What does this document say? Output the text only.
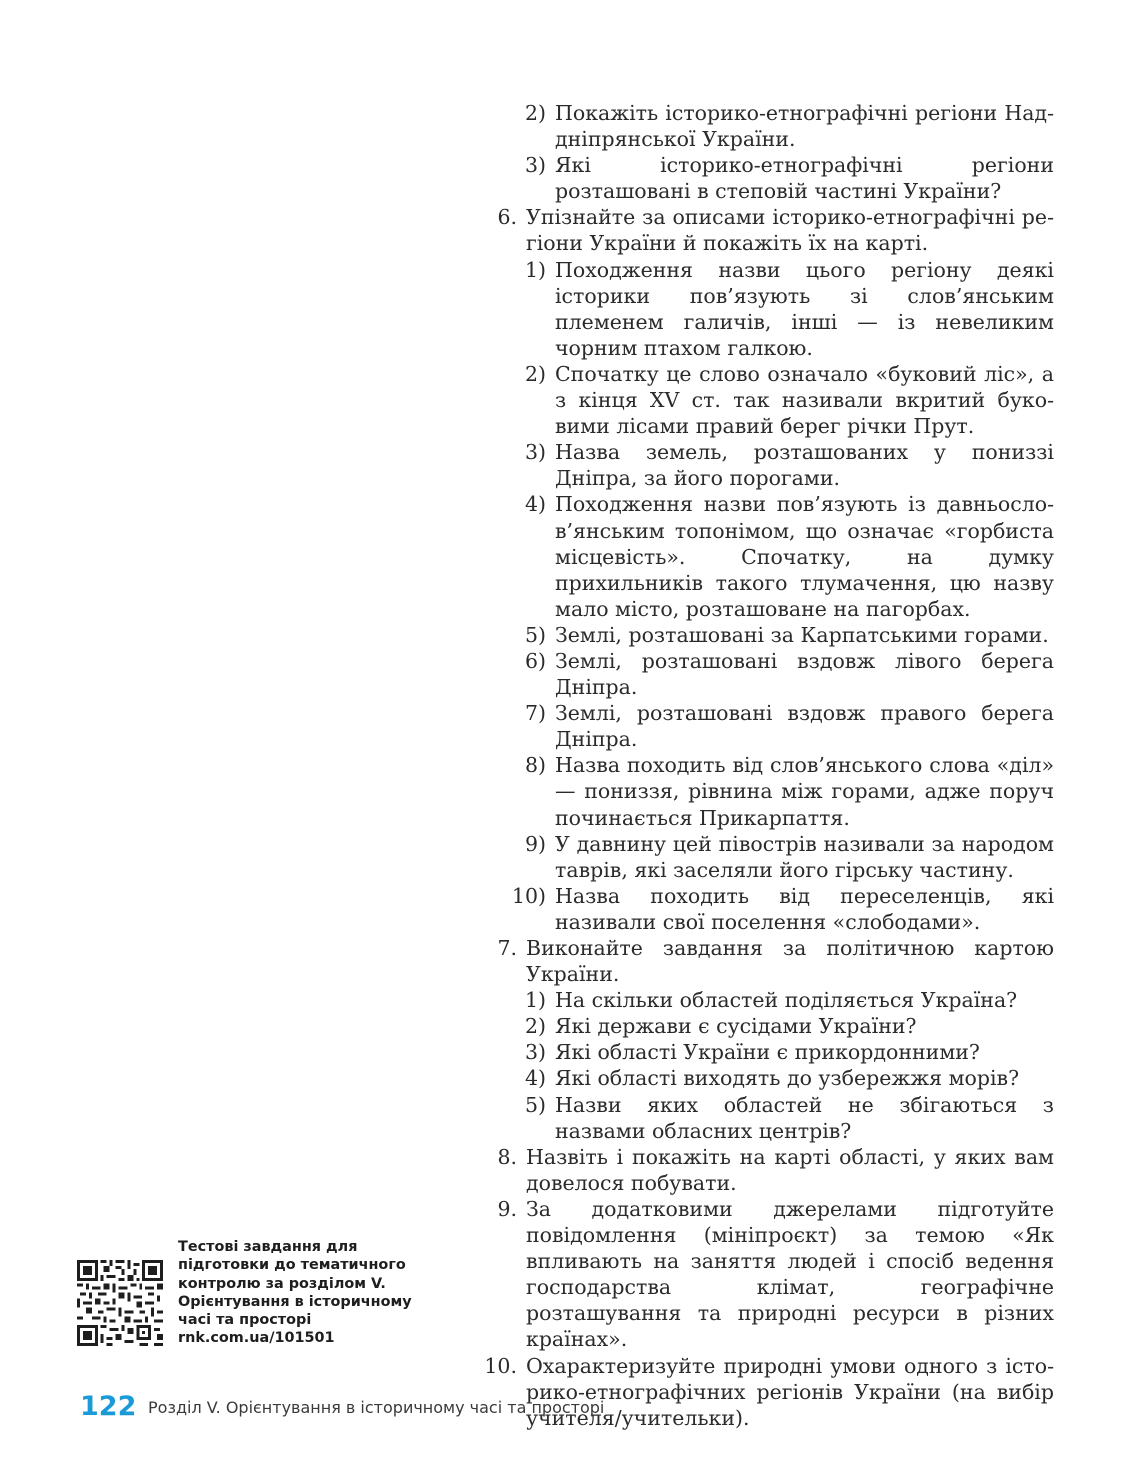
2) Покажіть історико-етнографічні регіони Наддніпрянської України.
3) Які історико-етнографічні регіони розташовані в степовій частині України?
6. Упізнайте за описами історико-етнографічні регіони України й покажіть їх на карті.
1) Походження назви цього регіону деякі історики пов’язують зі слов’янським племенем галичів, інші — із невеликим чорним птахом галкою.
2) Спочатку це слово означало «буковий ліс», а з кінця XV ст. так називали вкритий буковими лісами правий берег річки Прут.
3) Назва земель, розташованих у пониззі Дніпра, за його порогами.
4) Походження назви пов’язують із давньослов’янським топонімом, що означає «горбиста місцевість». Спочатку, на думку прихильників такого тлумачення, цю назву мало місто, розташоване на пагорбах.
5) Землі, розташовані за Карпатськими горами.
6) Землі, розташовані вздовж лівого берега Дніпра.
7) Землі, розташовані вздовж правого берега Дніпра.
8) Назва походить від слов’янського слова «діл» — пониззя, рівнина між горами, адже поруч починається Прикарпаття.
9) У давнину цей півострів називали за народом таврів, які заселяли його гірську частину.
10) Назва походить від переселенців, які називали свої поселення «слободами».
7. Виконайте завдання за політичною картою України.
1) На скільки областей поділяється Україна?
2) Які держави є сусідами України?
3) Які області України є прикордонними?
4) Які області виходять до узбережжя морів?
5) Назви яких областей не збігаються з назвами обласних центрів?
8. Назвіть і покажіть на карті області, у яких вам довелося побувати.
9. За додатковими джерелами підготуйте повідомлення (мініпроєкт) за темою «Як впливають на заняття людей і спосіб ведення господарства клімат, географічне розташування та природні ресурси в різних країнах».
10. Охарактеризуйте природні умови одного з історико-етнографічних регіонів України (на вибір учителя/учительки).
Тестові завдання для
підготовки до тематичного
контролю за розділом V.
Орієнтування в історичному
часі та просторі
rnk.com.ua/101501
122 Розділ V. Орієнтування в історичному часі та просторі
